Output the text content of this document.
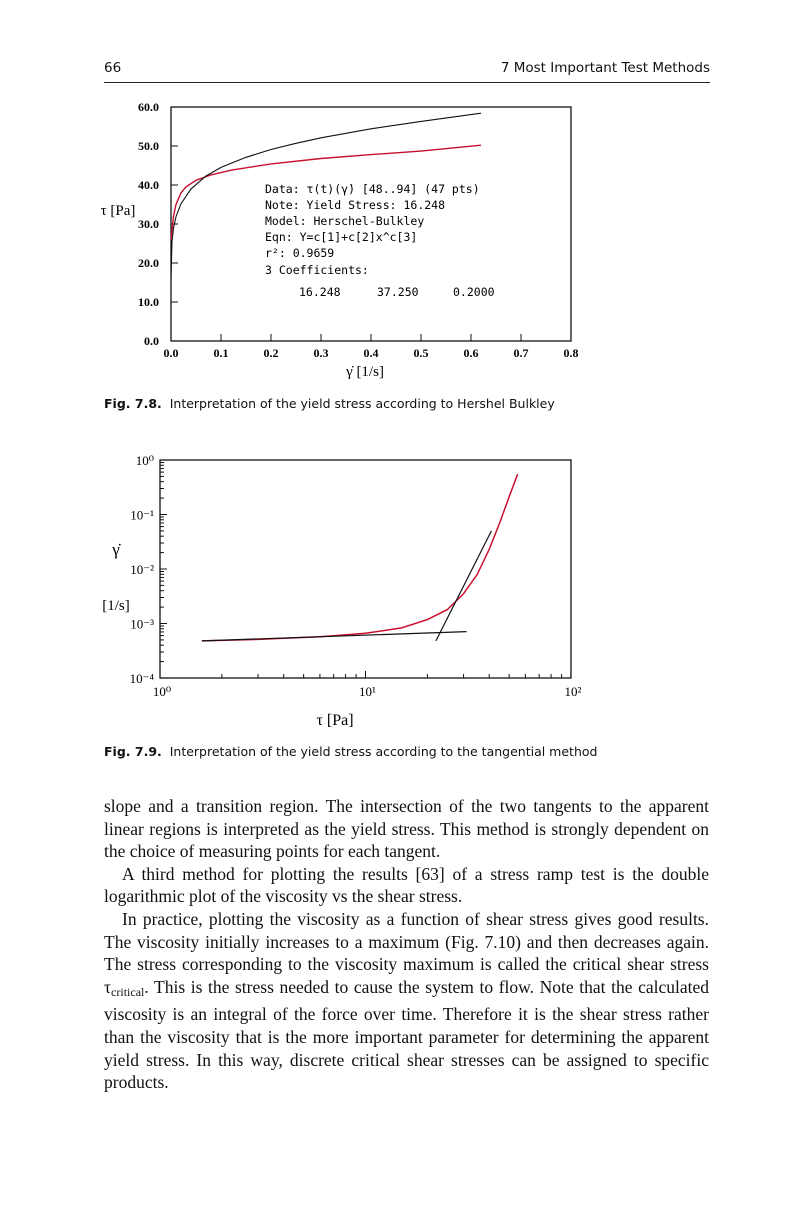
66	7 Most Important Test Methods
0.0	0.1	0.2	0.3	0.4	0.5	0.6	0.7	0.8
0.0
10.0
20.0
30.0
40.0
50.0
60.0
τ [Pa]
γ̇ [1/s]
Data: τ(t)(γ̇) [48..94] (47 pts)
Note: Yield Stress: 16.248
Model: Herschel-Bulkley
Eqn: Y=c[1]+c[2]x^c[3]
r²: 0.9659
3 Coefficients:
16.248	37.250	0.2000
Fig. 7.8. Interpretation of the yield stress according to Hershel Bulkley
10⁰	10¹	10²
10⁰
10⁻¹
10⁻²
10⁻³
10⁻⁴
γ̇
[1/s]
τ [Pa]
Fig. 7.9. Interpretation of the yield stress according to the tangential method

slope and a transition region. The intersection of the two tangents to the apparent linear regions is interpreted as the yield stress. This method is strongly dependent on the choice of measuring points for each tangent.

A third method for plotting the results [63] of a stress ramp test is the double logarithmic plot of the viscosity vs the shear stress.

In practice, plotting the viscosity as a function of shear stress gives good results. The viscosity initially increases to a maximum (Fig. 7.10) and then decreases again. The stress corresponding to the viscosity maximum is called the critical shear stress $\tau_{critical}$. This is the stress needed to cause the system to flow. Note that the calculated viscosity is an integral of the force over time. Therefore it is the shear stress rather than the viscosity that is the more important parameter for determining the apparent yield stress. In this way, discrete critical shear stresses can be assigned to specific products.
